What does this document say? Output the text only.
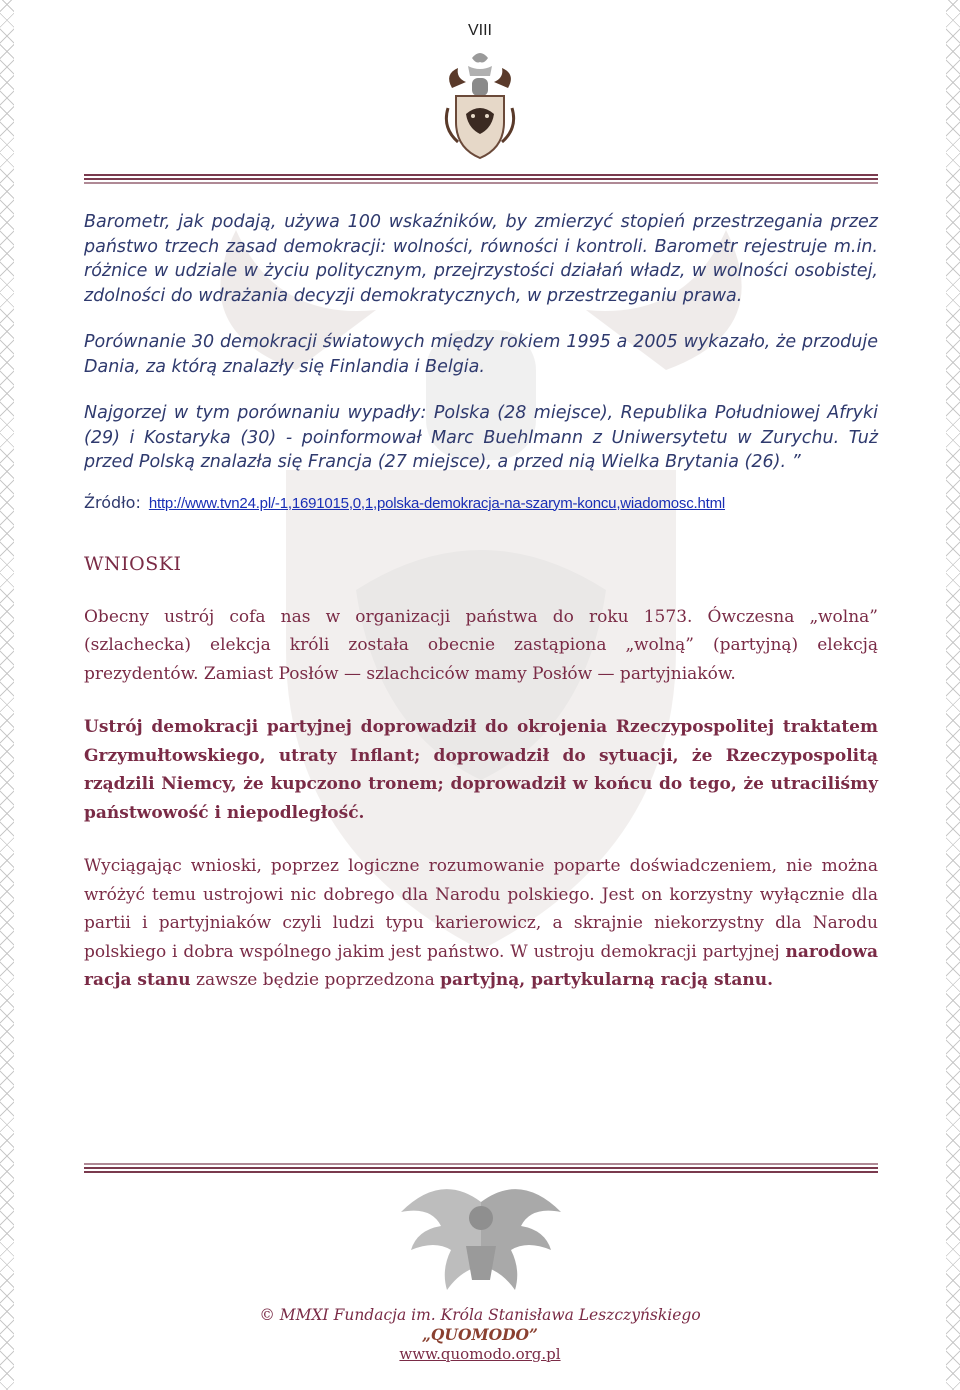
VIII

Barometr, jak podają, używa 100 wskaźników, by zmierzyć stopień przestrzegania przez państwo trzech zasad demokracji: wolności, równości i kontroli. Barometr rejestruje m.in. różnice w udziale w życiu politycznym, przejrzystości działań władz, w wolności osobistej, zdolności do wdrażania decyzji demokratycznych, w przestrzeganiu prawa.

Porównanie 30 demokracji światowych między rokiem 1995 a 2005 wykazało, że przoduje Dania, za którą znalazły się Finlandia i Belgia.

Najgorzej w tym porównaniu wypadły: Polska (28 miejsce), Republika Południowej Afryki (29) i Kostaryka (30) - poinformował Marc Buehlmann z Uniwersytetu w Zurychu. Tuż przed Polską znalazła się Francja (27 miejsce), a przed nią Wielka Brytania (26). ”

Źródło: http://www.tvn24.pl/-1,1691015,0,1,polska-demokracja-na-szarym-koncu,wiadomosc.html
WNIOSKI

Obecny ustrój cofa nas w organizacji państwa do roku 1573. Ówczesna „wolna” (szlachecka) elekcja króli została obecnie zastąpiona „wolną” (partyjną) elekcją prezydentów. Zamiast Posłów — szlachciców mamy Posłów — partyjniaków.

Ustrój demokracji partyjnej doprowadził do okrojenia Rzeczypospolitej traktatem Grzymułtowskiego, utraty Inflant; doprowadził do sytuacji, że Rzeczypospolitą rządzili Niemcy, że kupczono tronem; doprowadził w końcu do tego, że utraciliśmy państwowość i niepodległość.

Wyciągając wnioski, poprzez logiczne rozumowanie poparte doświadczeniem, nie można wróżyć temu ustrojowi nic dobrego dla Narodu polskiego. Jest on korzystny wyłącznie dla partii i partyjniaków czyli ludzi typu karierowicz, a skrajnie niekorzystny dla Narodu polskiego i dobra wspólnego jakim jest państwo. W ustroju demokracji partyjnej narodowa racja stanu zawsze będzie poprzedzona partyjną, partykularną racją stanu.

© MMXI Fundacja im. Króla Stanisława Leszczyńskiego
„QUOMODO”
www.quomodo.org.pl
